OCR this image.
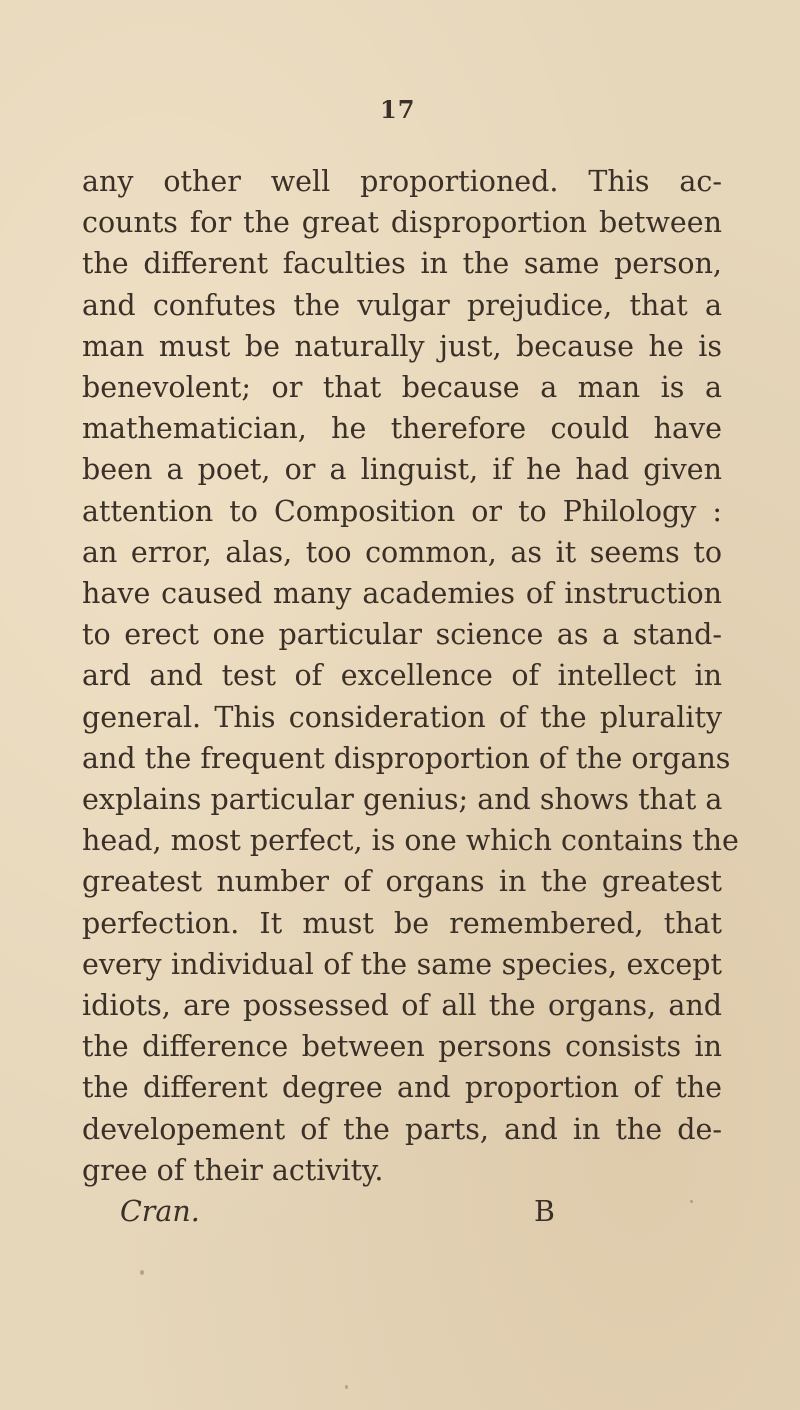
17
any other well proportioned. This ac-
counts for the great disproportion between
the different faculties in the same person,
and confutes the vulgar prejudice, that a
man must be naturally just, because he is
benevolent; or that because a man is a
mathematician, he therefore could have
been a poet, or a linguist, if he had given
attention to Composition or to Philology :
an error, alas, too common, as it seems to
have caused many academies of instruction
to erect one particular science as a stand-
ard and test of excellence of intellect in
general. This consideration of the plurality
and the frequent disproportion of the organs
explains particular genius; and shows that a
head, most perfect, is one which contains the
greatest number of organs in the greatest
perfection. It must be remembered, that
every individual of the same species, except
idiots, are possessed of all the organs, and
the difference between persons consists in
the different degree and proportion of the
developement of the parts, and in the de-
gree of their activity.
Cran.	B
